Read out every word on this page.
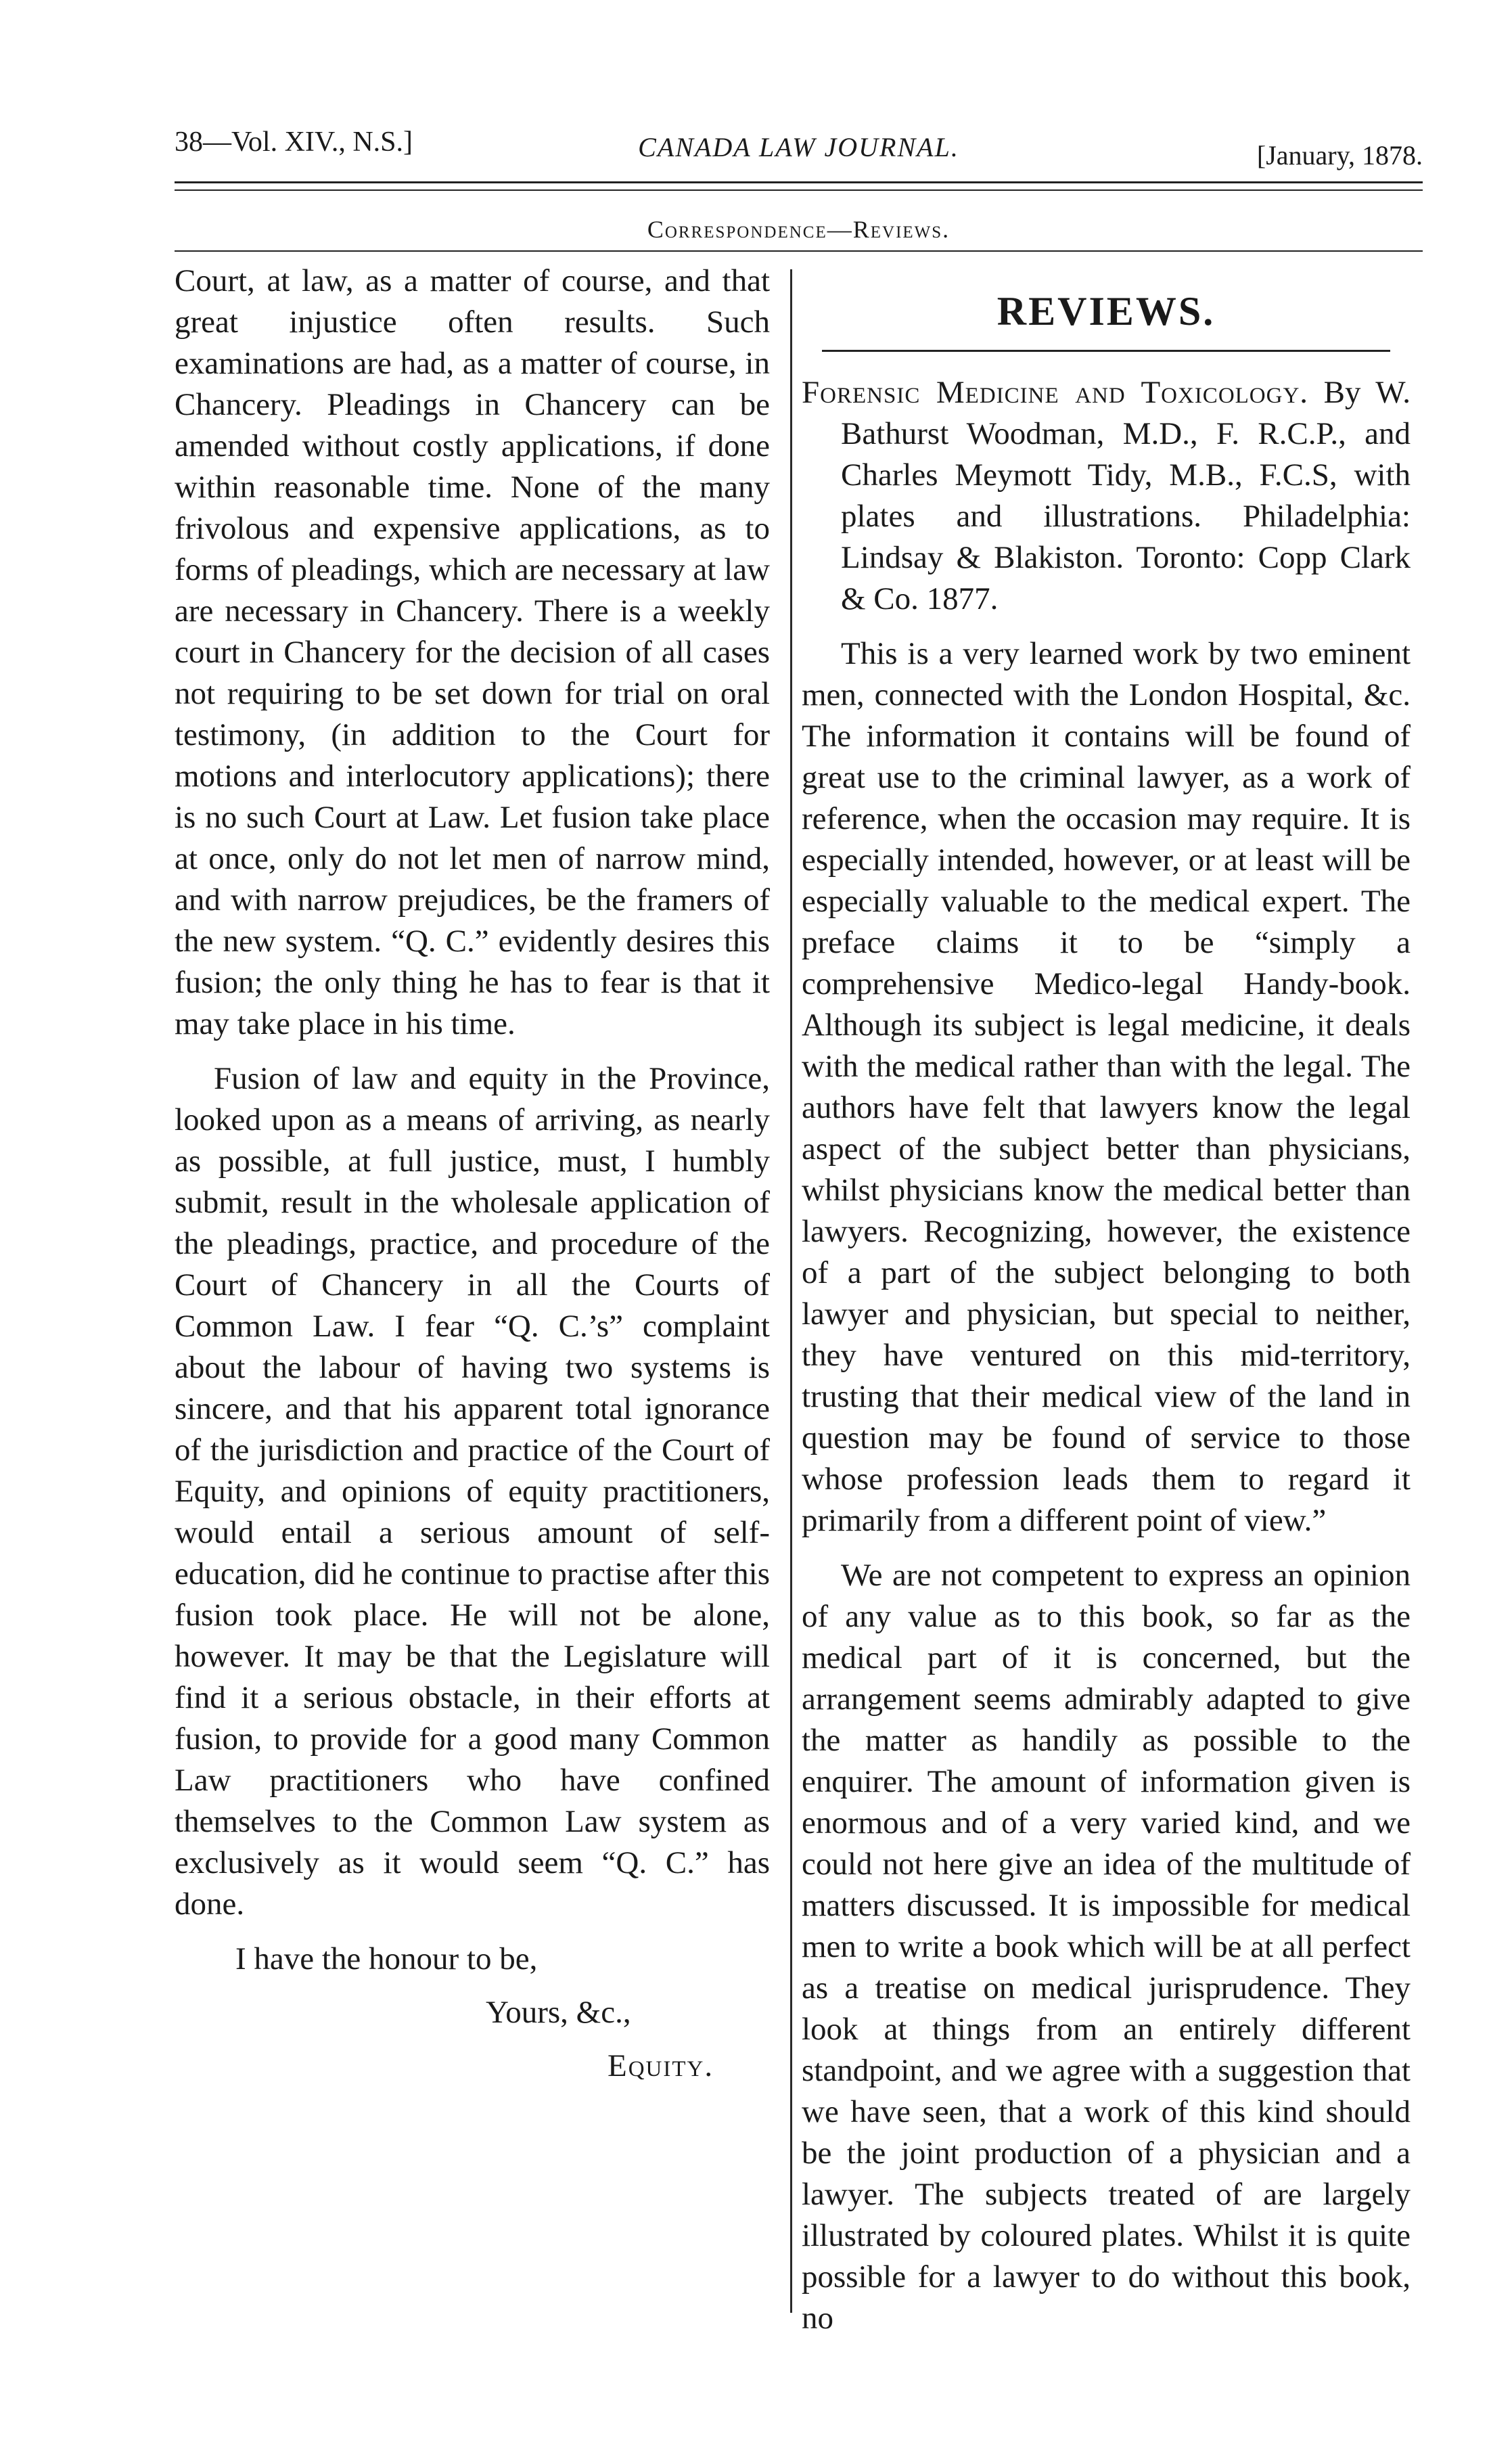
38—Vol. XIV., N.S.]	CANADA LAW JOURNAL.	[January, 1878.
Correspondence—Reviews.

Court, at law, as a matter of course, and that great injustice often results. Such examinations are had, as a matter of course, in Chancery. Pleadings in Chancery can be amended without costly applications, if done within reasonable time. None of the many frivolous and expensive applications, as to forms of pleadings, which are necessary at law are necessary in Chancery. There is a weekly court in Chancery for the decision of all cases not requiring to be set down for trial on oral testimony, (in addition to the Court for motions and interlocutory applications); there is no such Court at Law. Let fusion take place at once, only do not let men of narrow mind, and with narrow prejudices, be the framers of the new system. “Q. C.” evidently desires this fusion; the only thing he has to fear is that it may take place in his time.

Fusion of law and equity in the Province, looked upon as a means of arriving, as nearly as possible, at full justice, must, I humbly submit, result in the wholesale application of the pleadings, practice, and procedure of the Court of Chancery in all the Courts of Common Law. I fear “Q. C.’s” complaint about the labour of having two systems is sincere, and that his apparent total ignorance of the jurisdiction and practice of the Court of Equity, and opinions of equity practitioners, would entail a serious amount of self-education, did he continue to practise after this fusion took place. He will not be alone, however. It may be that the Legislature will find it a serious obstacle, in their efforts at fusion, to provide for a good many Common Law practitioners who have confined themselves to the Common Law system as exclusively as it would seem “Q. C.” has done.

I have the honour to be,

Yours, &c.,

Equity.

REVIEWS.

Forensic Medicine and Toxicology. By W. Bathurst Woodman, M.D., F. R.C.P., and Charles Meymott Tidy, M.B., F.C.S, with plates and illustrations. Philadelphia: Lindsay & Blakiston. Toronto: Copp Clark & Co. 1877.

This is a very learned work by two eminent men, connected with the London Hospital, &c. The information it contains will be found of great use to the criminal lawyer, as a work of reference, when the occasion may require. It is especially intended, however, or at least will be especially valuable to the medical expert. The preface claims it to be “simply a comprehensive Medico-legal Handy-book. Although its subject is legal medicine, it deals with the medical rather than with the legal. The authors have felt that lawyers know the legal aspect of the subject better than physicians, whilst physicians know the medical better than lawyers. Recognizing, however, the existence of a part of the subject belonging to both lawyer and physician, but special to neither, they have ventured on this mid-territory, trusting that their medical view of the land in question may be found of service to those whose profession leads them to regard it primarily from a different point of view.”

We are not competent to express an opinion of any value as to this book, so far as the medical part of it is concerned, but the arrangement seems admirably adapted to give the matter as handily as possible to the enquirer. The amount of information given is enormous and of a very varied kind, and we could not here give an idea of the multitude of matters discussed. It is impossible for medical men to write a book which will be at all perfect as a treatise on medical jurisprudence. They look at things from an entirely different standpoint, and we agree with a suggestion that we have seen, that a work of this kind should be the joint production of a physician and a lawyer. The subjects treated of are largely illustrated by coloured plates. Whilst it is quite possible for a lawyer to do without this book, no
